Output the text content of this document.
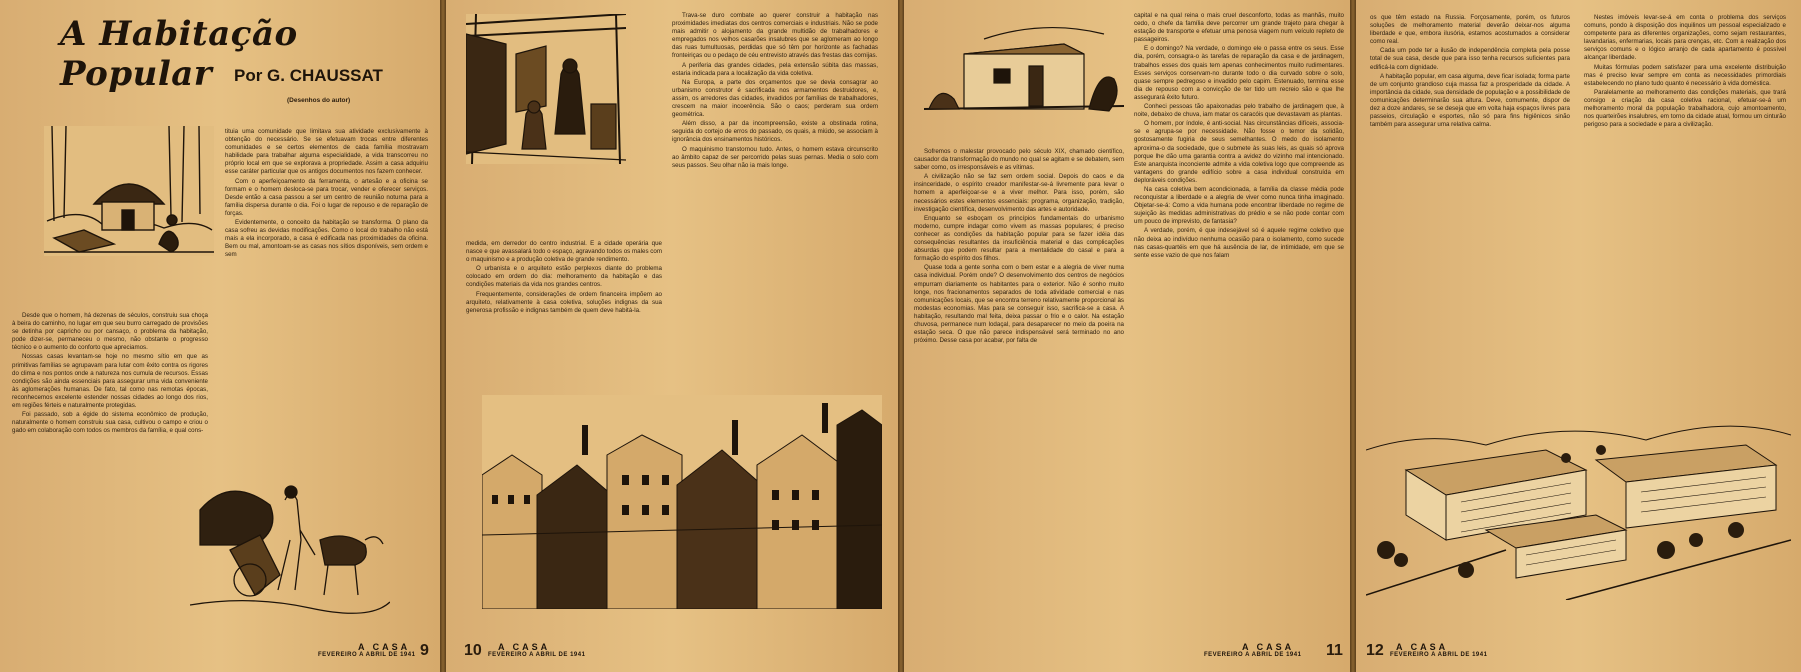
A Habitação Popular	Por G. CHAUSSAT
(Desenhos do autor)

Desde que o homem, há dezenas de séculos, construiu sua choça à beira do caminho, no lugar em que seu burro carregado de provisões se detinha por capricho ou por cansaço, o problema da habitação, pode dizer-se, permaneceu o mesmo, não obstante o progresso técnico e o aumento do conforto que apreciamos.

Nossas casas levantam-se hoje no mesmo sítio em que as primitivas famílias se agrupavam para lutar com êxito contra os rigores do clima e nos pontos onde a natureza nos cumula de recursos. Essas condições são ainda essenciais para assegurar uma vida conveniente às aglomerações humanas. De fato, tal como nas remotas épocas, reconhecemos excelente estender nossas cidades ao longo dos rios, em regiões férteis e naturalmente protegidas.

Foi passado, sob a égide do sistema econômico de produção, naturalmente o homem construiu sua casa, cultivou o campo e criou o gado em colaboração com todos os membros da família, e qual cons-

tituia uma comunidade que limitava sua atividade exclusivamente à obtenção do necessário. Se se efetuavam trocas entre diferentes comunidades e se certos elementos de cada família mostravam habilidade para trabalhar alguma especialidade, a vida transcorreu no próprio local em que se explorava a propriedade. Assim a casa adquiriu esse caráter particular que os antigos documentos nos fazem conhecer.

Com o aperfeiçoamento da ferramenta, o artesão e a oficina se formam e o homem desloca-se para trocar, vender e oferecer serviços. Desde então a casa passou a ser um centro de reunião noturna para a família dispersa durante o dia. Foi o lugar de repouso e de reparação de forças.

Evidentemente, o conceito da habitação se transforma. O plano da casa sofreu as devidas modificações. Como o local do trabalho não está mais a ela incorporado, a casa é edificada nas proximidades da oficina. Bem ou mal, amontoam-se as casas nos sítios disponíveis, sem ordem e sem

A CASA
FEVEREIRO A ABRIL DE 1941 9

medida, em derredor do centro industrial. E a cidade operária que nasce e que avassalará todo o espaço, agravando todos os males com o maquinismo e a produção coletiva de grande rendimento.

O urbanista e o arquiteto estão perplexos diante do problema colocado em ordem do dia: melhoramento da habitação e das condições materiais da vida nos grandes centros.

Frequentemente, considerações de ordem financeira impõem ao arquiteto, relativamente à casa coletiva, soluções indignas da sua generosa profissão e indignas também de quem deve habitá-la.

Trava-se duro combate ao querer construir a habitação nas proximidades imediatas dos centros comerciais e industriais. Não se pode mais admitir o alojamento da grande multidão de trabalhadores e empregados nos velhos casarões insalubres que se aglomeram ao longo das ruas tumultuosas, perdidas que só têm por horizonte as fachadas fronteiriças ou o pedaço de céu entrevisto através das frestas das cornijas.

A periferia das grandes cidades, pela extensão súbita das massas, estaria indicada para a localização da vida coletiva.

Na Europa, a parte dos orçamentos que se devia consagrar ao urbanismo construtor é sacrificada nos armamentos destruidores, e, assim, os arredores das cidades, invadidos por famílias de trabalhadores, crescem na maior incoerência. São o caos; perderam sua ordem geométrica.

Além disso, a par da incompreensão, existe a obstinada rotina, seguida do cortejo de erros do passado, os quais, a miúdo, se associam à ignorância dos ensinamentos históricos.

O maquinismo transtornou tudo. Antes, o homem estava circunscrito ao âmbito capaz de ser percorrido pelas suas pernas. Media o solo com seus passos. Seu olhar não ia mais longe.

A CASA
FEVEREIRO A ABRIL DE 1941
10

Sofremos o malestar provocado pelo século XIX, chamado científico, causador da transformação do mundo no qual se agitam e se debatem, sem saber como, os irresponsáveis e as vítimas.

A civilização não se faz sem ordem social. Depois do caos e da insinceridade, o espírito creador manifestar-se-á livremente para levar o homem a aperfeiçoar-se e a viver melhor. Para isso, porém, são necessários estes elementos essenciais: programa, organização, tradição, investigação científica, desenvolvimento das artes e autoridade.

Enquanto se esboçam os princípios fundamentais do urbanismo moderno, cumpre indagar como vivem as massas populares; é preciso conhecer as condições da habitação popular para se fazer idéia das consequências resultantes da insuficiência material e das complicações absurdas que podem resultar para a mentalidade do casal e para a formação do espírito dos filhos.

Quase toda a gente sonha com o bem estar e a alegria de viver numa casa individual. Porém onde? O desenvolvimento dos centros de negócios empurram diariamente os habitantes para o exterior. Não é sonho muito longe, nos fracionamentos separados de toda atividade comercial e nas comunicações locais, que se encontra terreno relativamente proporcional às modestas economias. Mas para se conseguir isso, sacrifica-se a casa. A habitação, resultando mal feita, deixa passar o frio e o calor. Na estação chuvosa, permanece num lodaçal, para desaparecer no meio da poeira na estação seca. O que não parece indispensável será terminado no ano próximo. Desse casa por acabar, por falta de

capital e na qual reina o mais cruel desconforto, todas as manhãs, muito cedo, o chefe da família deve percorrer um grande trajeto para chegar à estação de transporte e efetuar uma penosa viagem num veículo repleto de passageiros.

E o domingo? Na verdade, o domingo ele o passa entre os seus. Esse dia, porém, consagra-o às tarefas de reparação da casa e de jardinagem, trabalhos esses dos quais tem apenas conhecimentos muito rudimentares. Esses serviços conservam-no durante todo o dia curvado sobre o solo, quase sempre pedregoso e invadido pelo capim. Estenuado, termina esse dia de repouso com a convicção de ter tido um recreio são e que lhe assegurará êxito futuro.

Conheci pessoas tão apaixonadas pelo trabalho de jardinagem que, à noite, debaixo de chuva, iam matar os caracóis que devastavam as plantas.

O homem, por índole, é anti-social. Nas circunstâncias difíceis, associa-se e agrupa-se por necessidade. Não fosse o temor da solidão, gostosamente fugiria de seus semelhantes. O medo do isolamento aproxima-o da sociedade, que o submete às suas leis, as quais só aprova porque lhe dão uma garantia contra a avidez do vizinho mal intencionado. Este anarquista inconciente admite a vida coletiva logo que compreende as vantagens do grande edifício sobre a casa individual construída em deploráveis condições.

Na casa coletiva bem acondicionada, a família da classe média pode reconquistar a liberdade e a alegria de viver como nunca tinha imaginado. Objetar-se-á: Como a vida humana pode encontrar liberdade no regime de sujeição às medidas administrativas do prédio e se não pode contar com um pouco de imprevisto, de fantasia?

A verdade, porém, é que indesejável só é aquele regime coletivo que não deixa ao indivíduo nenhuma ocasião para o isolamento, como sucede nas casas-quartéis em que há ausência de lar, de intimidade, em que se sente esse vazio de que nos falam

A CASA
FEVEREIRO A ABRIL DE 1941 11

os que têm estado na Russia. Forçosamente, porém, os futuros soluções de melhoramento material deverão deixar-nos alguma liberdade e que, embora ilusória, estamos acostumados a considerar como real.

Cada um pode ter a ilusão de independência completa pela posse total de sua casa, desde que para isso tenha recursos suficientes para edificá-la com dignidade.

A habitação popular, em casa alguma, deve ficar isolada; forma parte de um conjunto grandioso cuja massa faz a prosperidade da cidade. A importância da cidade, sua densidade de população e a possibilidade de comunicações determinarão sua altura. Deve, comumente, dispor de dez a doze andares, se se deseja que em volta haja espaços livres para passeios, circulação e esportes, não só para fins higiênicos sinão também para assegurar uma relativa calma.

Nestes imóveis levar-se-á em conta o problema dos serviços comuns, pondo à disposição dos inquilinos um pessoal especializado e competente para as diferentes organizações, como sejam restaurantes, lavandarias, enfermarias, locais para crenças, etc. Com a realização dos serviços comuns e o lógico arranjo de cada apartamento é possível alcançar liberdade.

Muitas fórmulas podem satisfazer para uma excelente distribuição mas é preciso levar sempre em conta as necessidades primordiais estabelecendo no plano tudo quanto é necessário à vida doméstica.

Paralelamente ao melhoramento das condições materiais, que trará consigo a criação da casa coletiva racional, efetuar-se-á um melhoramento moral da população trabalhadora, cujo amontoamento, nos quarteirões insalubres, em torno da cidade atual, formou um cinturão perigoso para a sociedade e para a civilização.

A CASA
FEVEREIRO A ABRIL DE 1941
12
